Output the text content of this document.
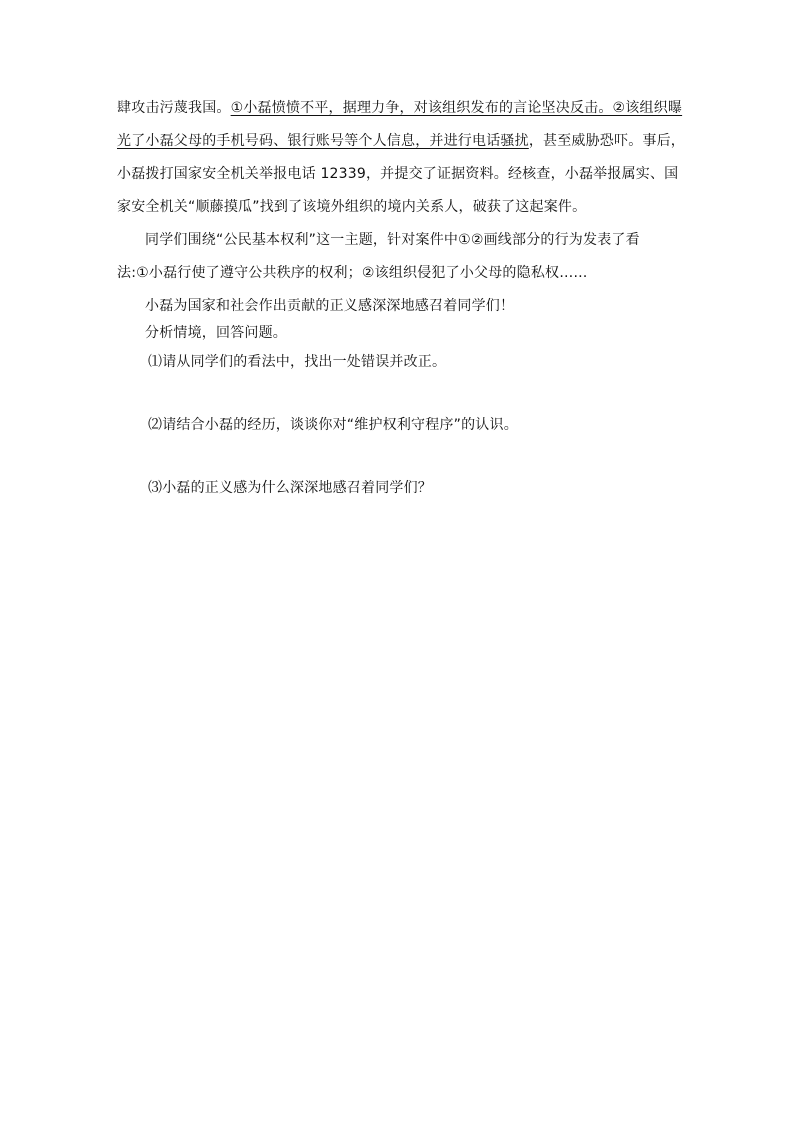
肆攻击污蔑我国。①小磊愤愤不平，据理力争，对该组织发布的言论坚决反击。②该组织曝
光了小磊父母的手机号码、银行账号等个人信息，并进行电话骚扰，甚至威胁恐吓。事后，
小磊拨打国家安全机关举报电话 12339，并提交了证据资料。经核查，小磊举报属实、国
家安全机关“顺藤摸瓜”找到了该境外组织的境内关系人，破获了这起案件。
同学们围绕“公民基本权利”这一主题，针对案件中①②画线部分的行为发表了看
法:①小磊行使了遵守公共秩序的权利；②该组织侵犯了小父母的隐私权……
小磊为国家和社会作出贡献的正义感深深地感召着同学们！
分析情境，回答问题。
⑴请从同学们的看法中，找出一处错误并改正。
⑵请结合小磊的经历，谈谈你对“维护权利守程序”的认识。
⑶小磊的正义感为什么深深地感召着同学们？
